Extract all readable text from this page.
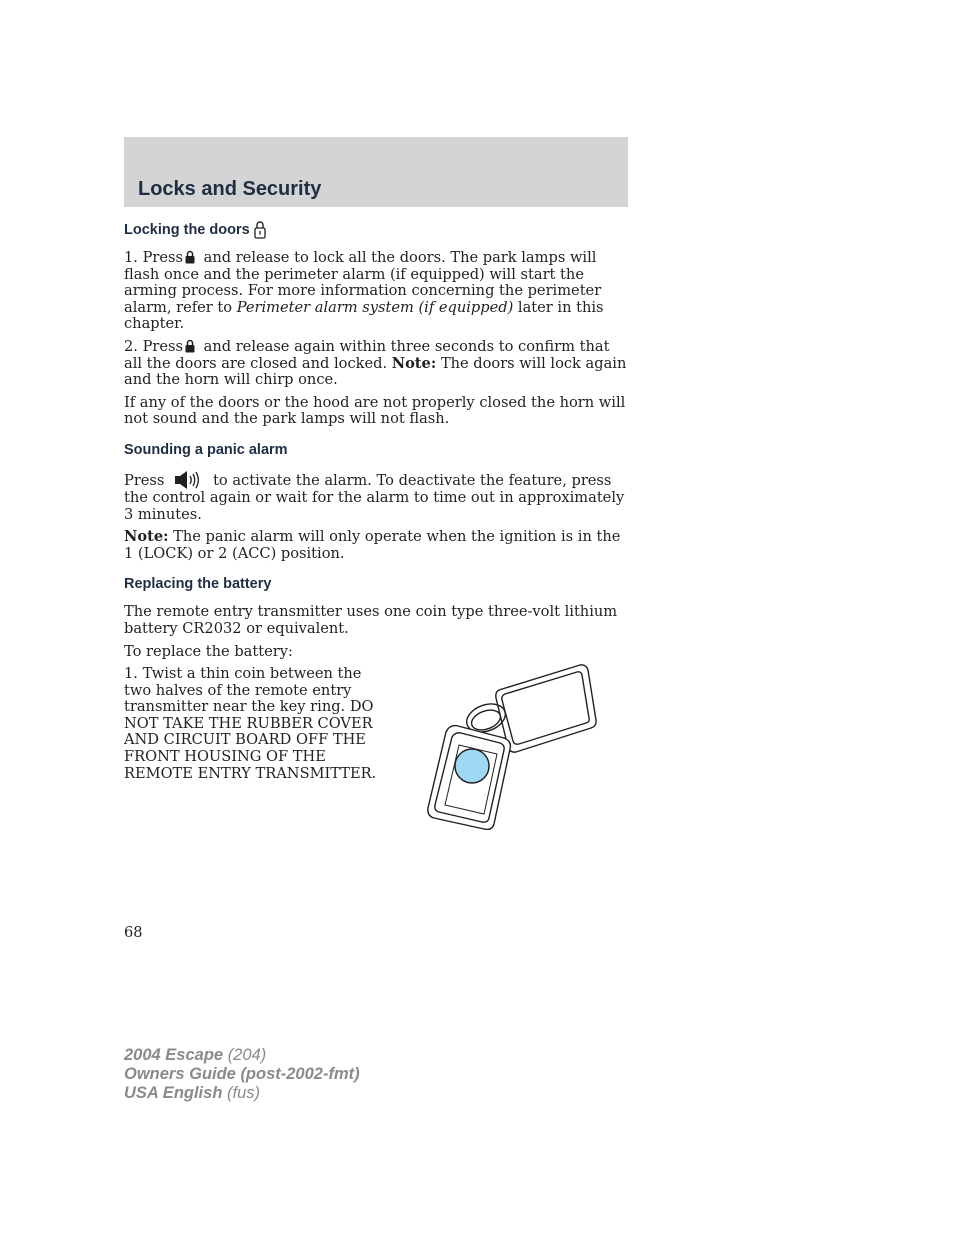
Locks and Security
Locking the doors

1. Press and release to lock all the doors. The park lamps will flash once and the perimeter alarm (if equipped) will start the arming process. For more information concerning the perimeter alarm, refer to Perimeter alarm system (if equipped) later in this chapter.

2. Press and release again within three seconds to confirm that all the doors are closed and locked. Note: The doors will lock again and the horn will chirp once.

If any of the doors or the hood are not properly closed the horn will not sound and the park lamps will not flash.

Sounding a panic alarm

Press	to activate the alarm. To deactivate the feature, press the control again or wait for the alarm to time out in approximately 3 minutes.

Note: The panic alarm will only operate when the ignition is in the 1 (LOCK) or 2 (ACC) position.

Replacing the battery

The remote entry transmitter uses one coin type three-volt lithium battery CR2032 or equivalent.

To replace the battery:

1. Twist a thin coin between the two halves of the remote entry transmitter near the key ring. DO NOT TAKE THE RUBBER COVER AND CIRCUIT BOARD OFF THE FRONT HOUSING OF THE REMOTE ENTRY TRANSMITTER.

68
2004 Escape (204)
Owners Guide (post-2002-fmt)
USA English (fus)
